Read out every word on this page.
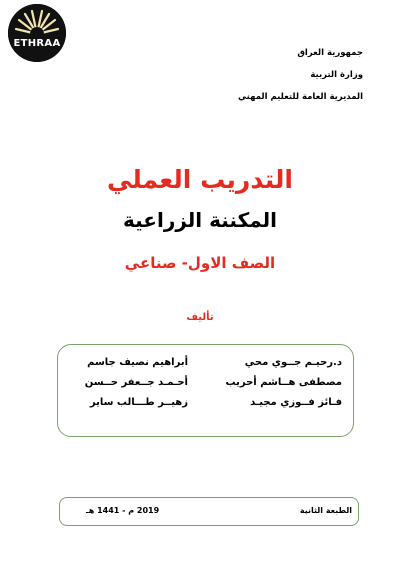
ETHRAA
جمهورية العراق
وزارة التربية
المديرية العامة للتعليم المهني
التدريب العملي
المكننة الزراعية
الصف الاول- صناعي
تأليف
د.رحيـم جــوي محي
أبراهيم نصيف جاسم
مصطفى هــاشم أحريب
أحـمـد جــعفر حــسن
فـائز فــوزي مجيـد
زهيــر طـــالب ساير
الطبعة الثانية
2019 م - 1441 هـ
